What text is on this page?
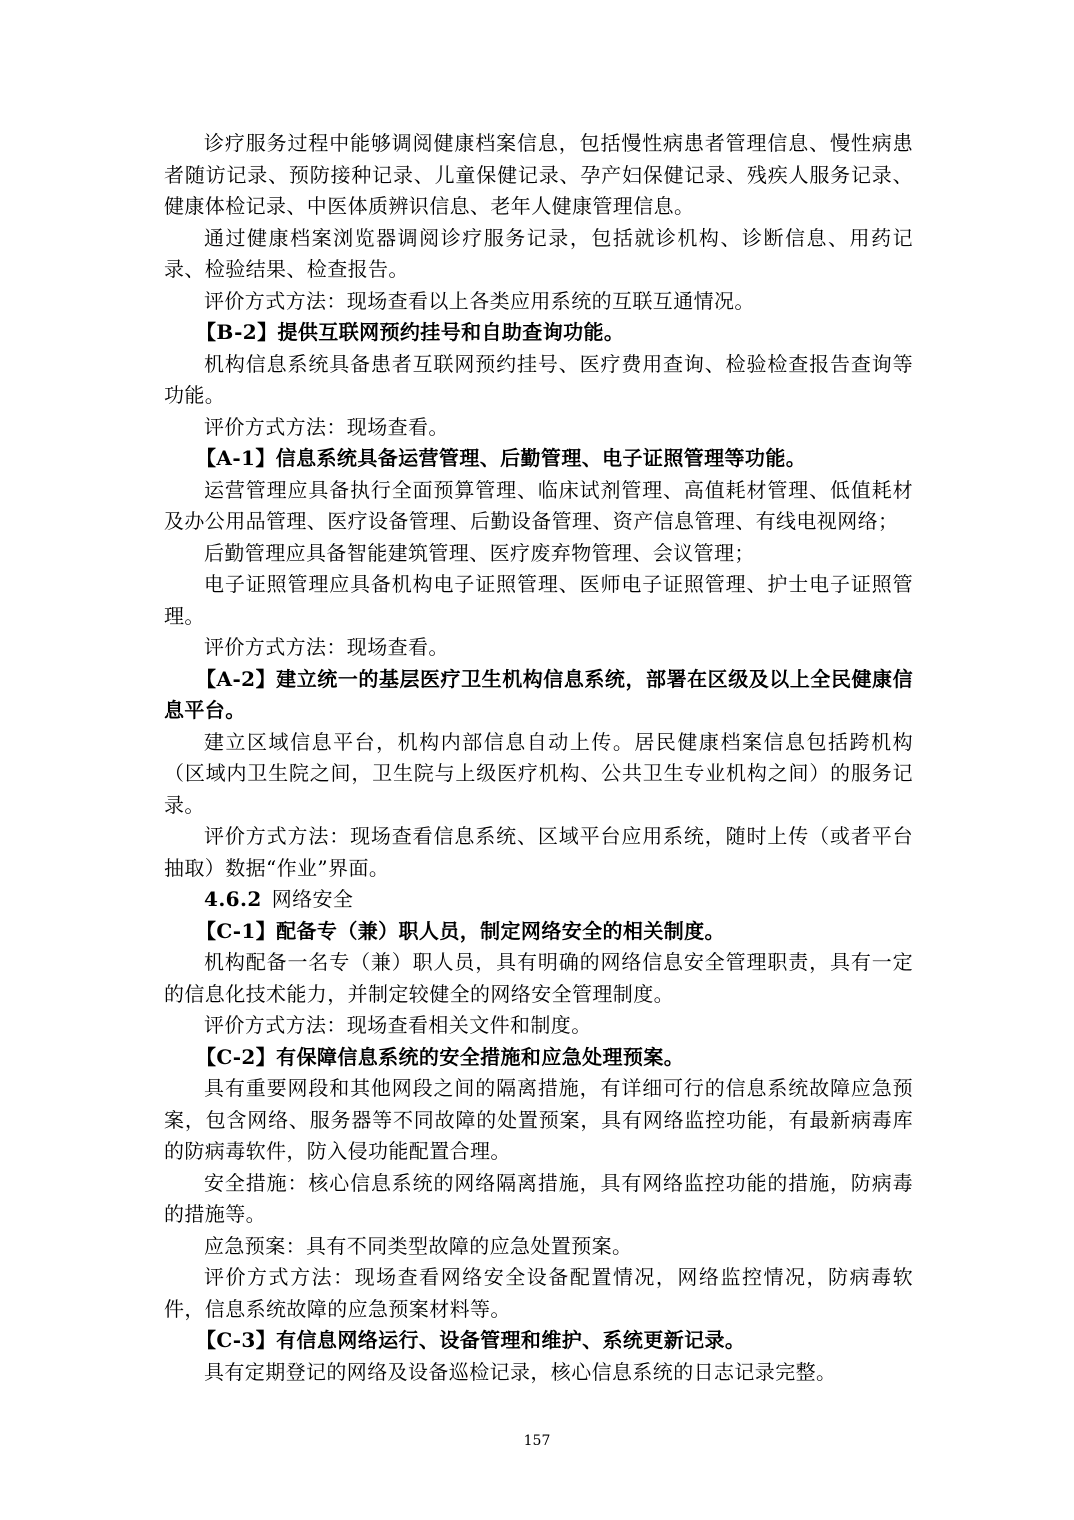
诊疗服务过程中能够调阅健康档案信息，包括慢性病患者管理信息、慢性病患者随访记录、预防接种记录、儿童保健记录、孕产妇保健记录、残疾人服务记录、健康体检记录、中医体质辨识信息、老年人健康管理信息。

通过健康档案浏览器调阅诊疗服务记录，包括就诊机构、诊断信息、用药记录、检验结果、检查报告。

评价方式方法：现场查看以上各类应用系统的互联互通情况。

【B-2】提供互联网预约挂号和自助查询功能。

机构信息系统具备患者互联网预约挂号、医疗费用查询、检验检查报告查询等功能。

评价方式方法：现场查看。

【A-1】信息系统具备运营管理、后勤管理、电子证照管理等功能。

运营管理应具备执行全面预算管理、临床试剂管理、高值耗材管理、低值耗材及办公用品管理、医疗设备管理、后勤设备管理、资产信息管理、有线电视网络；

后勤管理应具备智能建筑管理、医疗废弃物管理、会议管理；

电子证照管理应具备机构电子证照管理、医师电子证照管理、护士电子证照管理。

评价方式方法：现场查看。

【A-2】建立统一的基层医疗卫生机构信息系统，部署在区级及以上全民健康信息平台。

建立区域信息平台，机构内部信息自动上传。居民健康档案信息包括跨机构（区域内卫生院之间，卫生院与上级医疗机构、公共卫生专业机构之间）的服务记录。

评价方式方法：现场查看信息系统、区域平台应用系统，随时上传（或者平台抽取）数据“作业”界面。

4.6.2 网络安全

【C-1】配备专（兼）职人员，制定网络安全的相关制度。

机构配备一名专（兼）职人员，具有明确的网络信息安全管理职责，具有一定的信息化技术能力，并制定较健全的网络安全管理制度。

评价方式方法：现场查看相关文件和制度。

【C-2】有保障信息系统的安全措施和应急处理预案。

具有重要网段和其他网段之间的隔离措施，有详细可行的信息系统故障应急预案，包含网络、服务器等不同故障的处置预案，具有网络监控功能，有最新病毒库的防病毒软件，防入侵功能配置合理。

安全措施：核心信息系统的网络隔离措施，具有网络监控功能的措施，防病毒的措施等。

应急预案：具有不同类型故障的应急处置预案。

评价方式方法：现场查看网络安全设备配置情况，网络监控情况，防病毒软件，信息系统故障的应急预案材料等。

【C-3】有信息网络运行、设备管理和维护、系统更新记录。

具有定期登记的网络及设备巡检记录，核心信息系统的日志记录完整。

157
